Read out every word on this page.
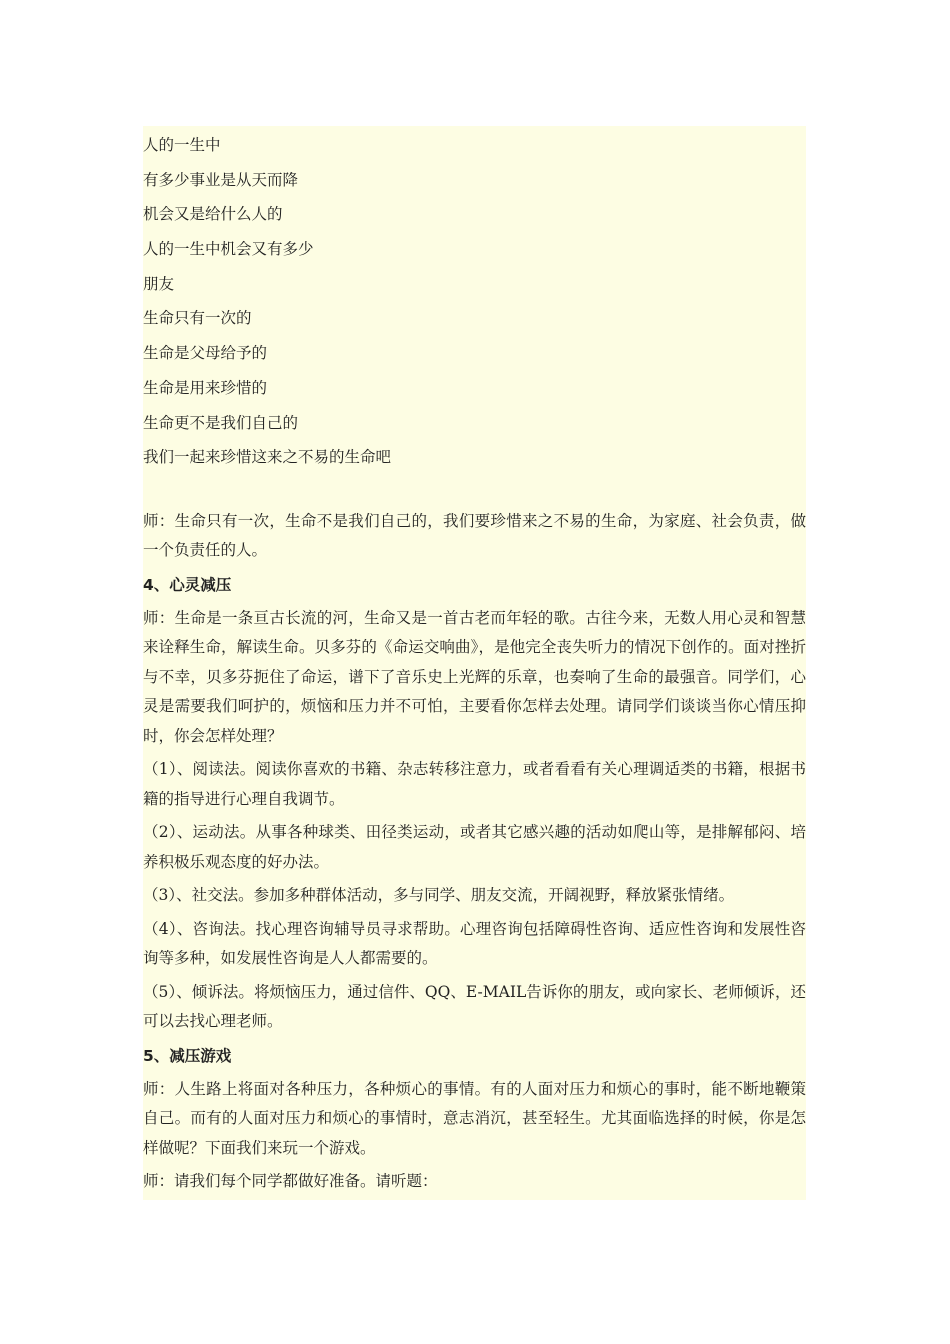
人的一生中
有多少事业是从天而降
机会又是给什么人的
人的一生中机会又有多少
朋友
生命只有一次的
生命是父母给予的
生命是用来珍惜的
生命更不是我们自己的
我们一起来珍惜这来之不易的生命吧
师：生命只有一次，生命不是我们自己的，我们要珍惜来之不易的生命，为家庭、社会负责，做一个负责任的人。
4、心灵减压
师：生命是一条亘古长流的河，生命又是一首古老而年轻的歌。古往今来，无数人用心灵和智慧来诠释生命，解读生命。贝多芬的《命运交响曲》，是他完全丧失听力的情况下创作的。面对挫折与不幸，贝多芬扼住了命运，谱下了音乐史上光辉的乐章，也奏响了生命的最强音。同学们，心灵是需要我们呵护的，烦恼和压力并不可怕，主要看你怎样去处理。请同学们谈谈当你心情压抑时，你会怎样处理？
（1）、阅读法。阅读你喜欢的书籍、杂志转移注意力，或者看看有关心理调适类的书籍，根据书籍的指导进行心理自我调节。
（2）、运动法。从事各种球类、田径类运动，或者其它感兴趣的活动如爬山等，是排解郁闷、培养积极乐观态度的好办法。
（3）、社交法。参加多种群体活动，多与同学、朋友交流，开阔视野，释放紧张情绪。
（4）、咨询法。找心理咨询辅导员寻求帮助。心理咨询包括障碍性咨询、适应性咨询和发展性咨询等多种，如发展性咨询是人人都需要的。
（5）、倾诉法。将烦恼压力，通过信件、QQ、E-MAIL告诉你的朋友，或向家长、老师倾诉，还可以去找心理老师。
5、减压游戏
师：人生路上将面对各种压力，各种烦心的事情。有的人面对压力和烦心的事时，能不断地鞭策自己。而有的人面对压力和烦心的事情时，意志消沉，甚至轻生。尤其面临选择的时候，你是怎样做呢？下面我们来玩一个游戏。
师：请我们每个同学都做好准备。请听题：
